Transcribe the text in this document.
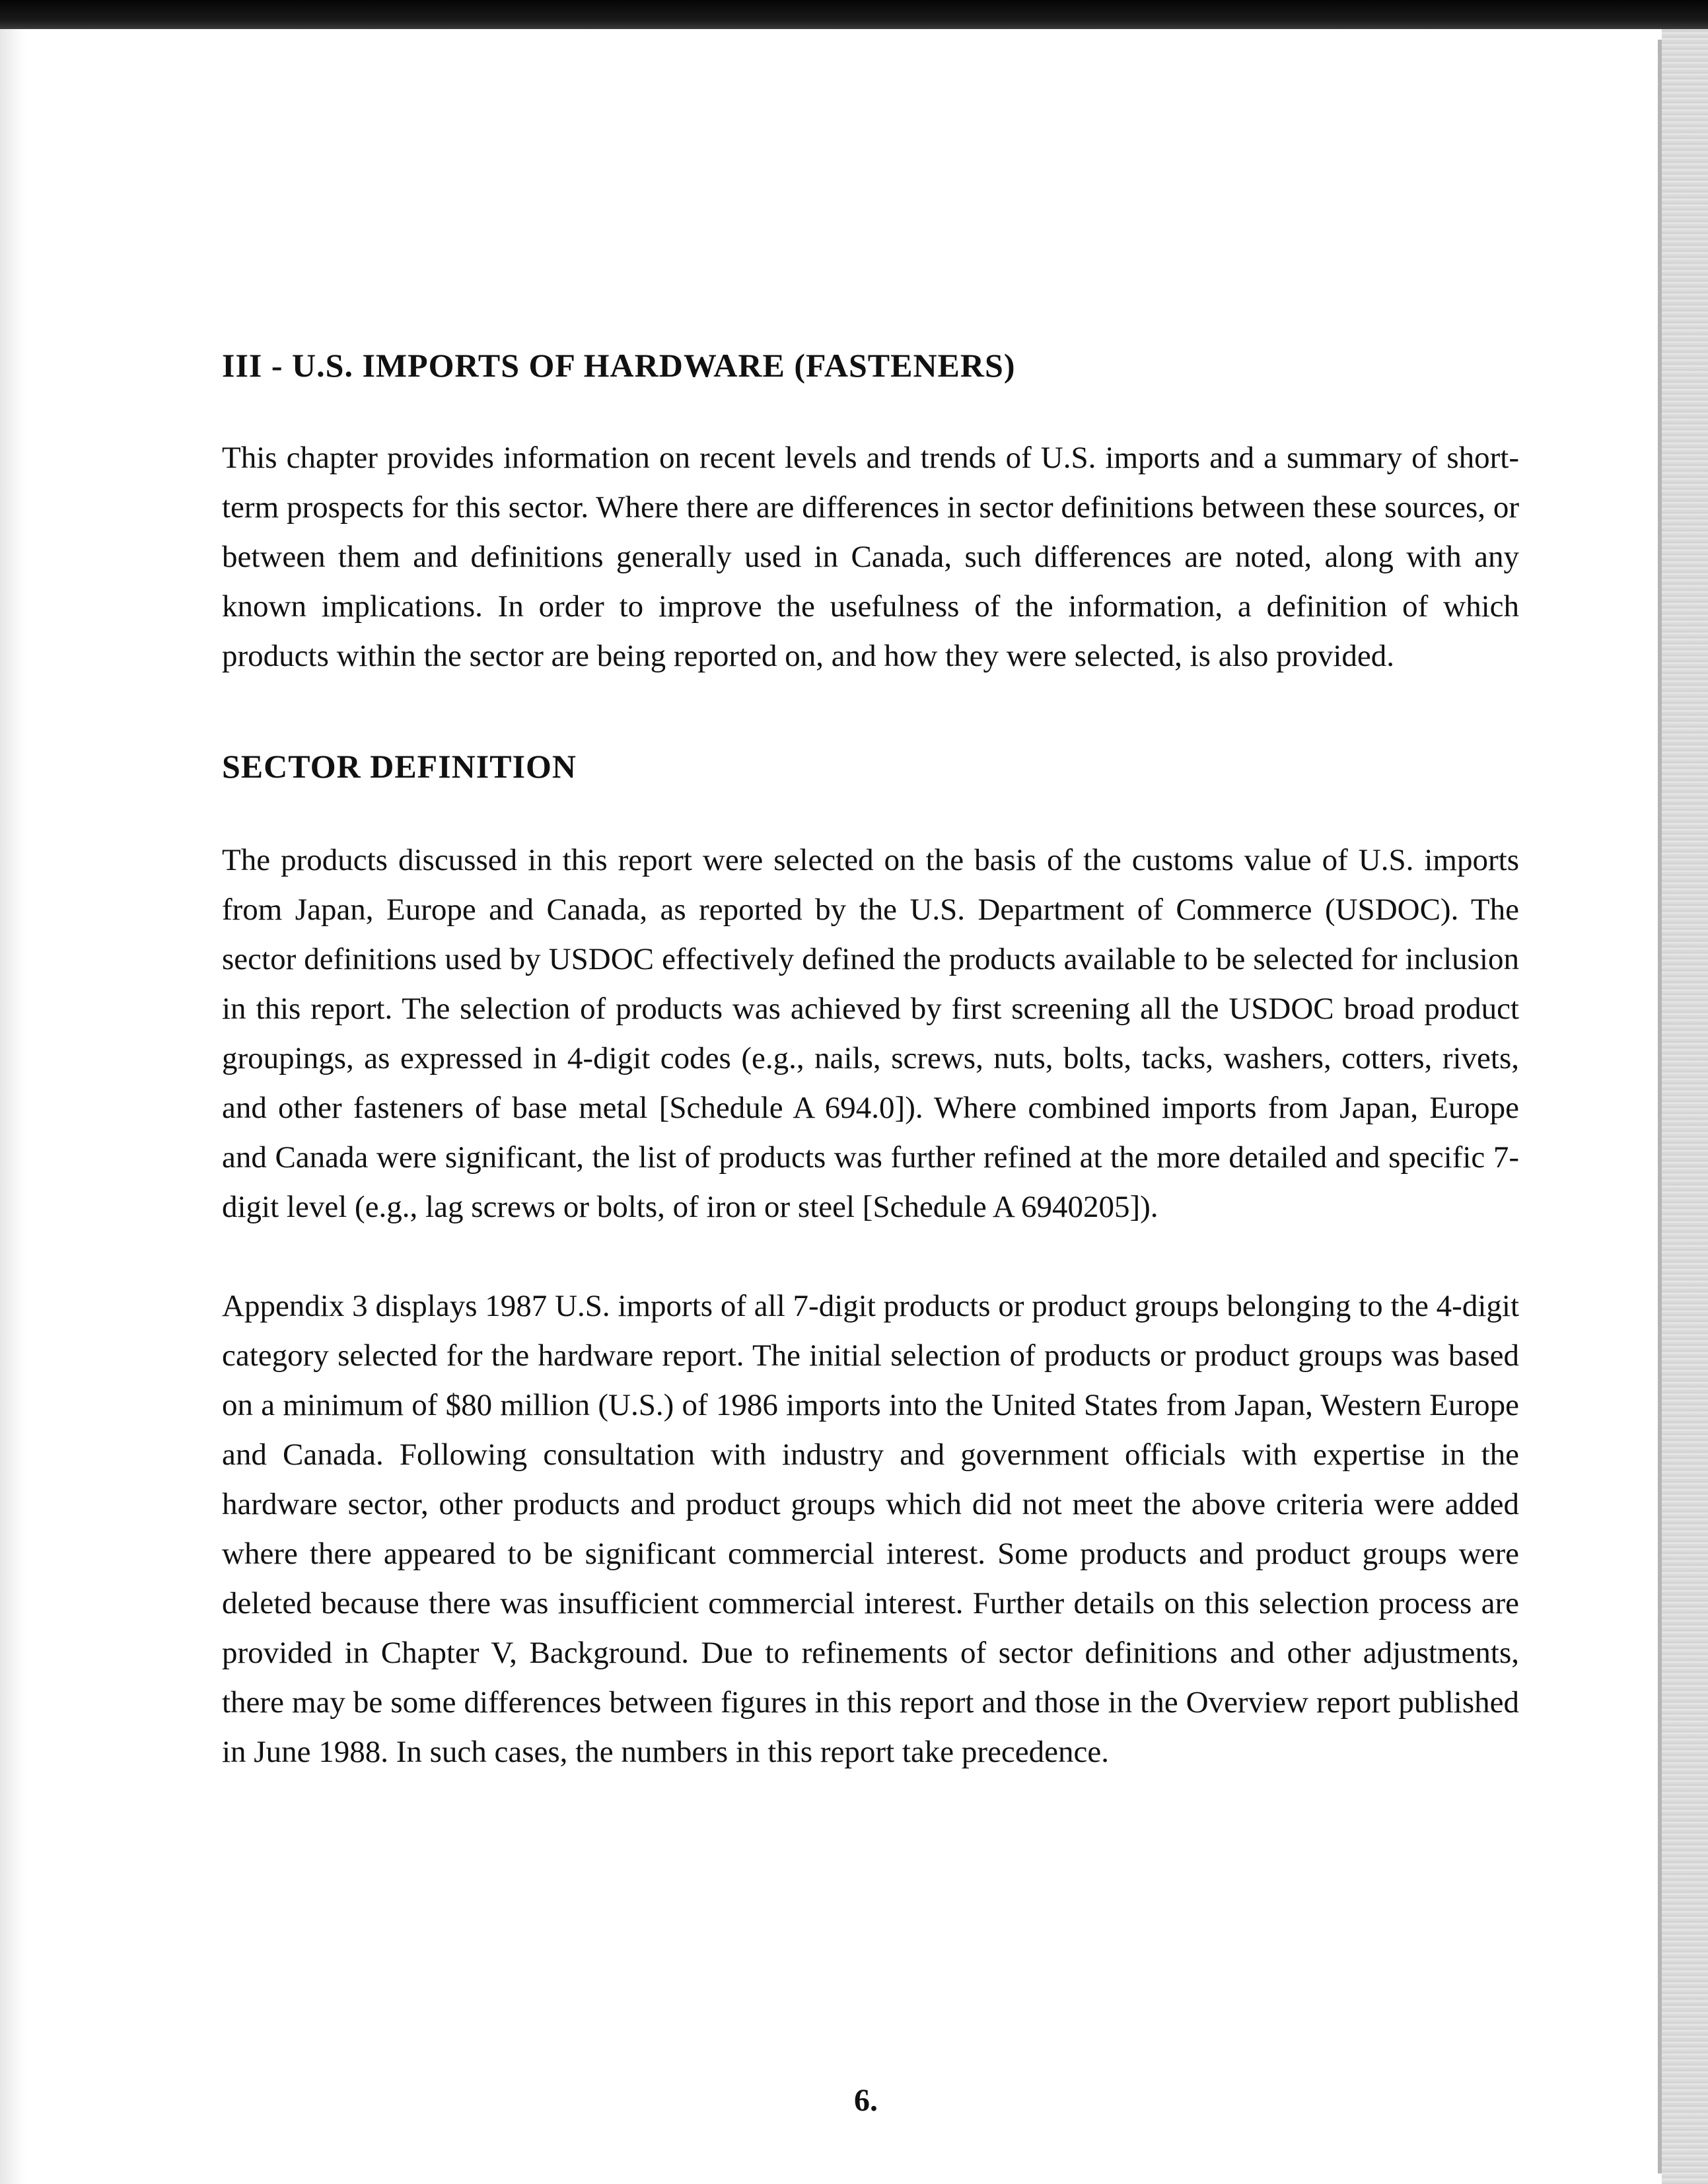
III - U.S. IMPORTS OF HARDWARE (FASTENERS)

This chapter provides information on recent levels and trends of U.S. imports and a summary of short-term prospects for this sector. Where there are differences in sector definitions between these sources, or between them and definitions generally used in Canada, such differences are noted, along with any known implications. In order to improve the usefulness of the information, a definition of which products within the sector are being reported on, and how they were selected, is also provided.

SECTOR DEFINITION

The products discussed in this report were selected on the basis of the customs value of U.S. imports from Japan, Europe and Canada, as reported by the U.S. Department of Commerce (USDOC). The sector definitions used by USDOC effectively defined the products available to be selected for inclusion in this report. The selection of products was achieved by first screening all the USDOC broad product groupings, as expressed in 4-digit codes (e.g., nails, screws, nuts, bolts, tacks, washers, cotters, rivets, and other fasteners of base metal [Schedule A 694.0]). Where combined imports from Japan, Europe and Canada were significant, the list of products was further refined at the more detailed and specific 7-digit level (e.g., lag screws or bolts, of iron or steel [Schedule A 6940205]).

Appendix 3 displays 1987 U.S. imports of all 7-digit products or product groups belonging to the 4-digit category selected for the hardware report. The initial selection of products or product groups was based on a minimum of $80 million (U.S.) of 1986 imports into the United States from Japan, Western Europe and Canada. Following consultation with industry and government officials with expertise in the hardware sector, other products and product groups which did not meet the above criteria were added where there appeared to be significant commercial interest. Some products and product groups were deleted because there was insufficient commercial interest. Further details on this selection process are provided in Chapter V, Background. Due to refinements of sector definitions and other adjustments, there may be some differences between figures in this report and those in the Overview report published in June 1988. In such cases, the numbers in this report take precedence.

6.
